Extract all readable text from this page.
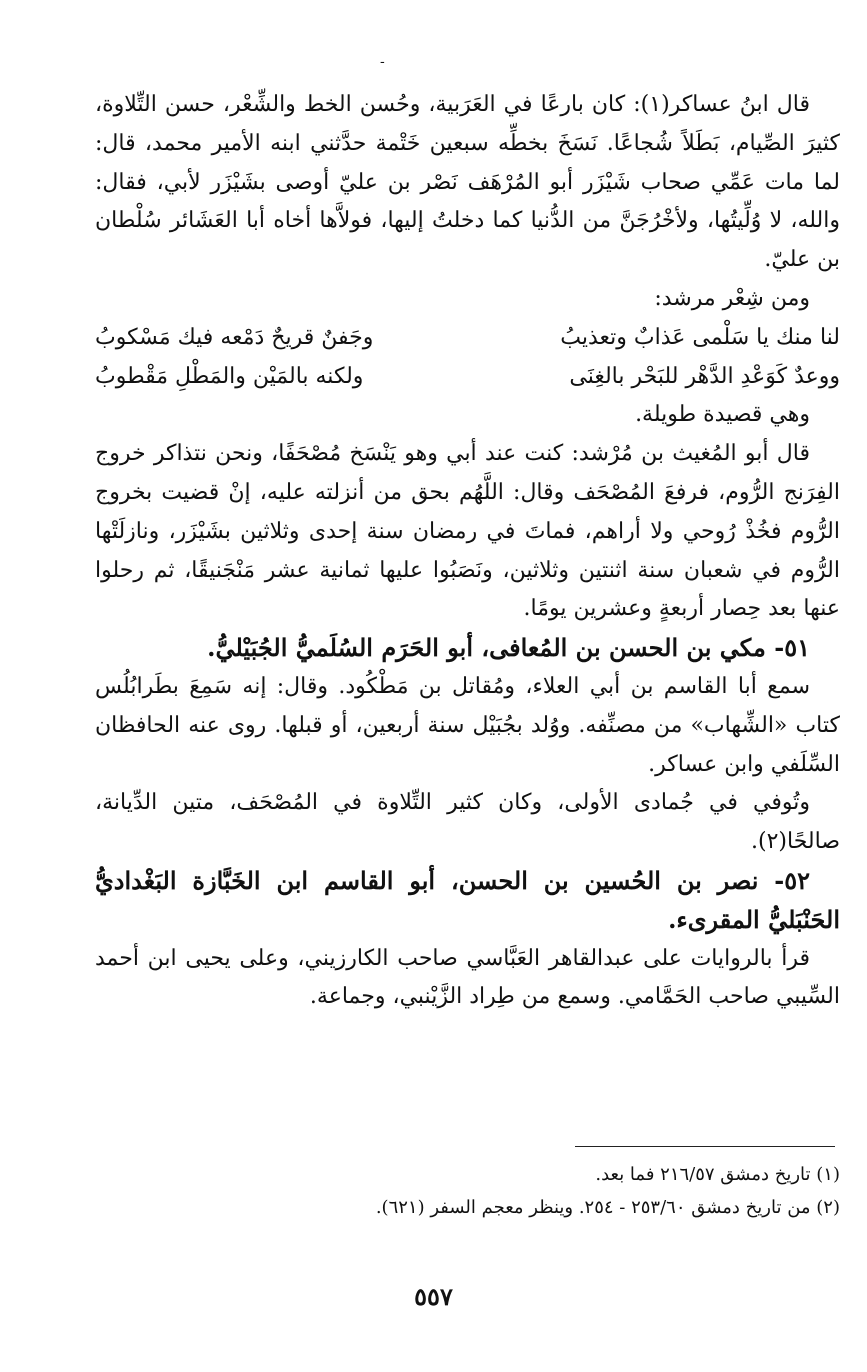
-

قال ابنُ عساكر(١): كان بارعًا في العَرَبية، وحُسن الخط والشِّعْر، حسن التِّلاوة، كثيرَ الصِّيام، بَطَلاً شُجاعًا. نَسَخَ بخطِّه سبعين خَتْمة حدَّثني ابنه الأمير محمد، قال: لما مات عَمِّي صحاب شَيْزَر أبو المُرْهَف نَصْر بن عليّ أوصى بشَيْزَر لأبي، فقال: والله، لا وُلِّيتُها، ولأخْرُجَنَّ من الدُّنيا كما دخلتُ إليها، فولاَّها أخاه أبا العَشَائر سُلْطان بن عليّ.

ومن شِعْر مرشد:

لنا منك يا سَلْمى عَذابٌ وتعذيبُ
وجَفنٌ قريحٌ دَمْعه فيك مَسْكوبُ
ووعدٌ كَوَعْدِ الدَّهْر للبَحْر بالغِنَى
ولكنه بالمَيْن والمَطْلِ مَقْطوبُ

وهي قصيدة طويلة.

قال أبو المُغيث بن مُرْشد: كنت عند أبي وهو يَنْسَخ مُصْحَفًا، ونحن نتذاكر خروج الفِرَنج الرُّوم، فرفعَ المُصْحَف وقال: اللَّهُم بحق من أنزلته عليه، إنْ قضيت بخروج الرُّوم فخُذْ رُوحي ولا أراهم، فماتَ في رمضان سنة إحدى وثلاثين بشَيْزَر، ونازلَتْها الرُّوم في شعبان سنة اثنتين وثلاثين، ونَصَبُوا عليها ثمانية عشر مَنْجَنيقًا، ثم رحلوا عنها بعد حِصار أربعةٍ وعشرين يومًا.

٥١- مكي بن الحسن بن المُعافى، أبو الحَرَم السُلَميُّ الجُبَيْليُّ.

سمع أبا القاسم بن أبي العلاء، ومُقاتل بن مَطْكُود. وقال: إنه سَمِعَ بطَرابُلُس كتاب «الشِّهاب» من مصنِّفه. ووُلد بجُبَيْل سنة أربعين، أو قبلها. روى عنه الحافظان السِّلَفي وابن عساكر.

وتُوفي في جُمادى الأولى، وكان كثير التِّلاوة في المُصْحَف، متين الدِّيانة، صالحًا(٢).

٥٢- نصر بن الحُسين بن الحسن، أبو القاسم ابن الخَبَّازة البَغْداديُّ الحَنْبَليُّ المقرىء.

قرأ بالروايات على عبدالقاهر العَبَّاسي صاحب الكارزيني، وعلى يحيى ابن أحمد السِّيبي صاحب الحَمَّامي. وسمع من طِراد الزَّيْنبي، وجماعة.

(١) تاريخ دمشق ٢١٦/٥٧ فما بعد.

(٢) من تاريخ دمشق ٢٥٣/٦٠ - ٢٥٤. وينظر معجم السفر (٦٢١).

٥٥٧
